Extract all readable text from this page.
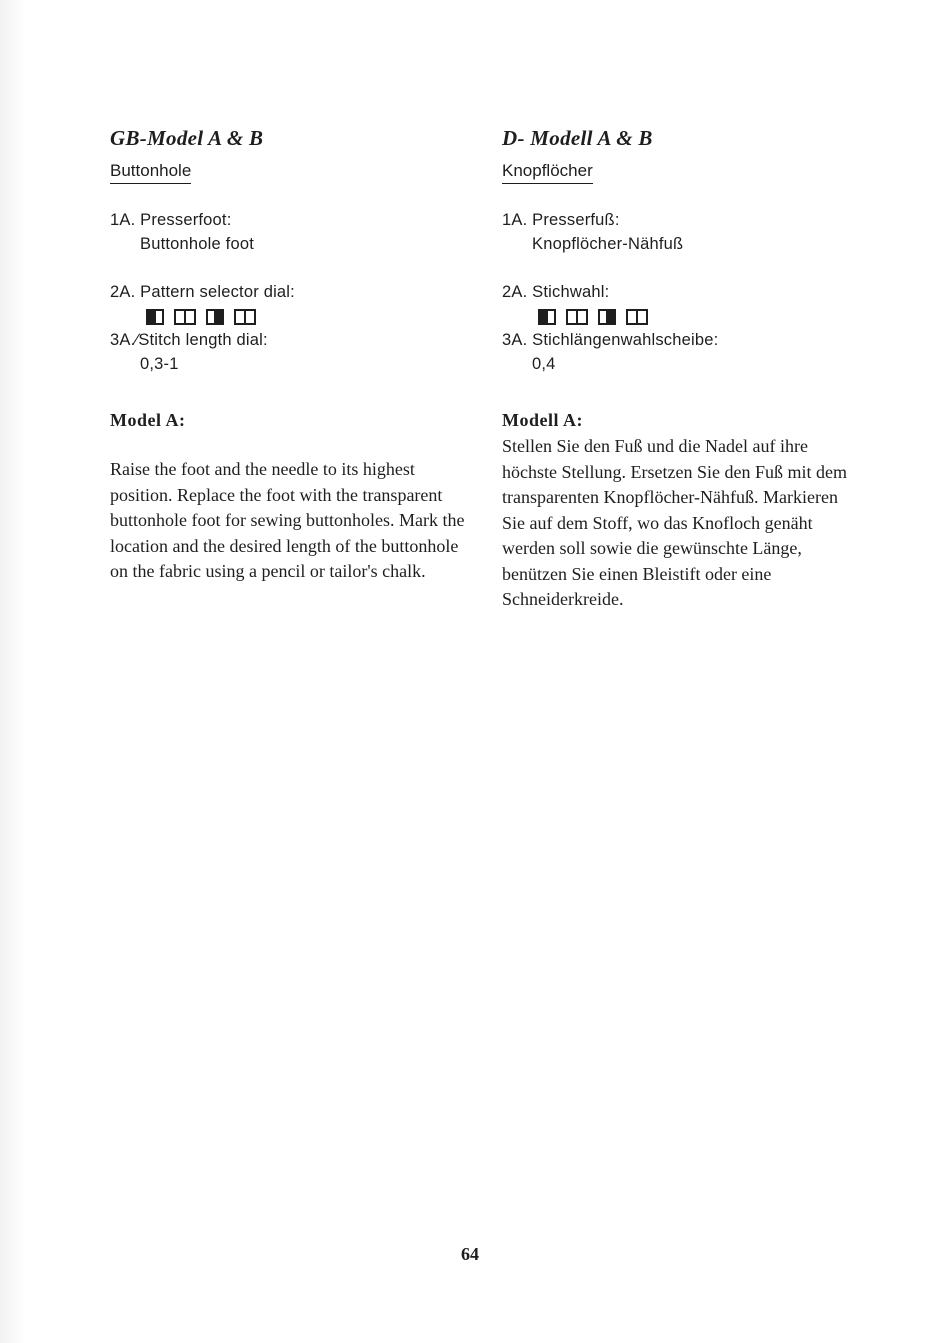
GB-Model A & B
Buttonhole
1A. Presserfoot:
Buttonhole foot
2A. Pattern selector dial:
3A.∕Stitch length dial:
0,3-1
Model A:

Raise the foot and the needle to its highest position. Replace the foot with the transparent buttonhole foot for sewing buttonholes. Mark the location and the desired length of the buttonhole on the fabric using a pencil or tailor's chalk.

D- Modell A & B
Knopflöcher
1A. Presserfuß:
Knopflöcher-Nähfuß
2A. Stichwahl:
3A. Stichlängenwahlscheibe:
0,4
Modell A:

Stellen Sie den Fuß und die Nadel auf ihre höchste Stellung. Ersetzen Sie den Fuß mit dem transparenten Knopflöcher-Nähfuß. Markieren Sie auf dem Stoff, wo das Knofloch genäht werden soll sowie die gewünschte Länge, benützen Sie einen Bleistift oder eine Schneiderkreide.

64
